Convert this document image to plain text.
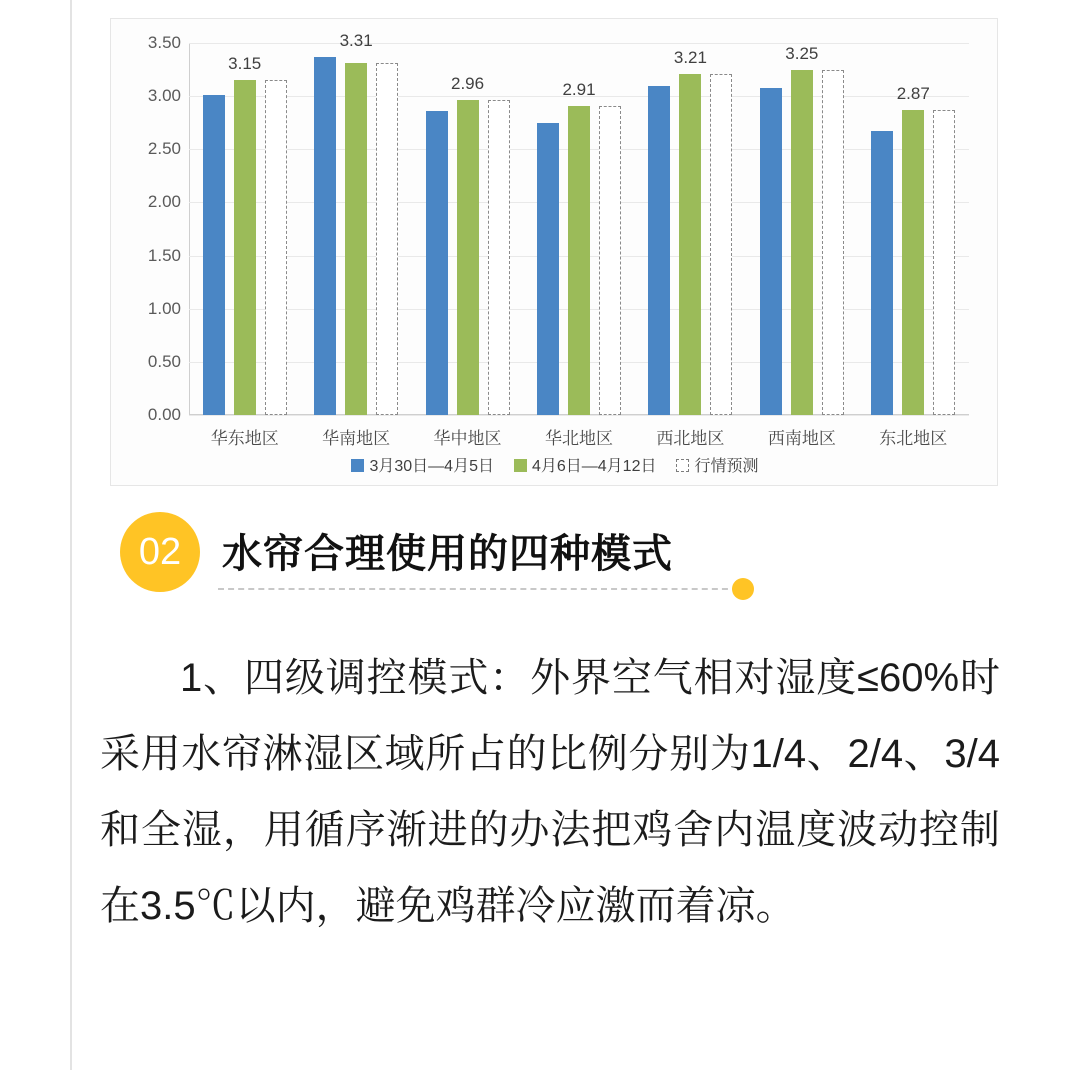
0.00
0.50
1.00
1.50
2.00
2.50
3.00
3.50
3.15
华东地区
3.31
华南地区
2.96
华中地区
2.91
华北地区
3.21
西北地区
3.25
西南地区
2.87
东北地区
3月30日—4月5日 4月6日—4月12日 行情预测
02	水帘合理使用的四种模式
1、四级调控模式：外界空气相对湿度≤60%时采用水帘淋湿区域所占的比例分别为1/4、2/4、3/4和全湿，用循序渐进的办法把鸡舍内温度波动控制在3.5℃以内，避免鸡群冷应激而着凉。
